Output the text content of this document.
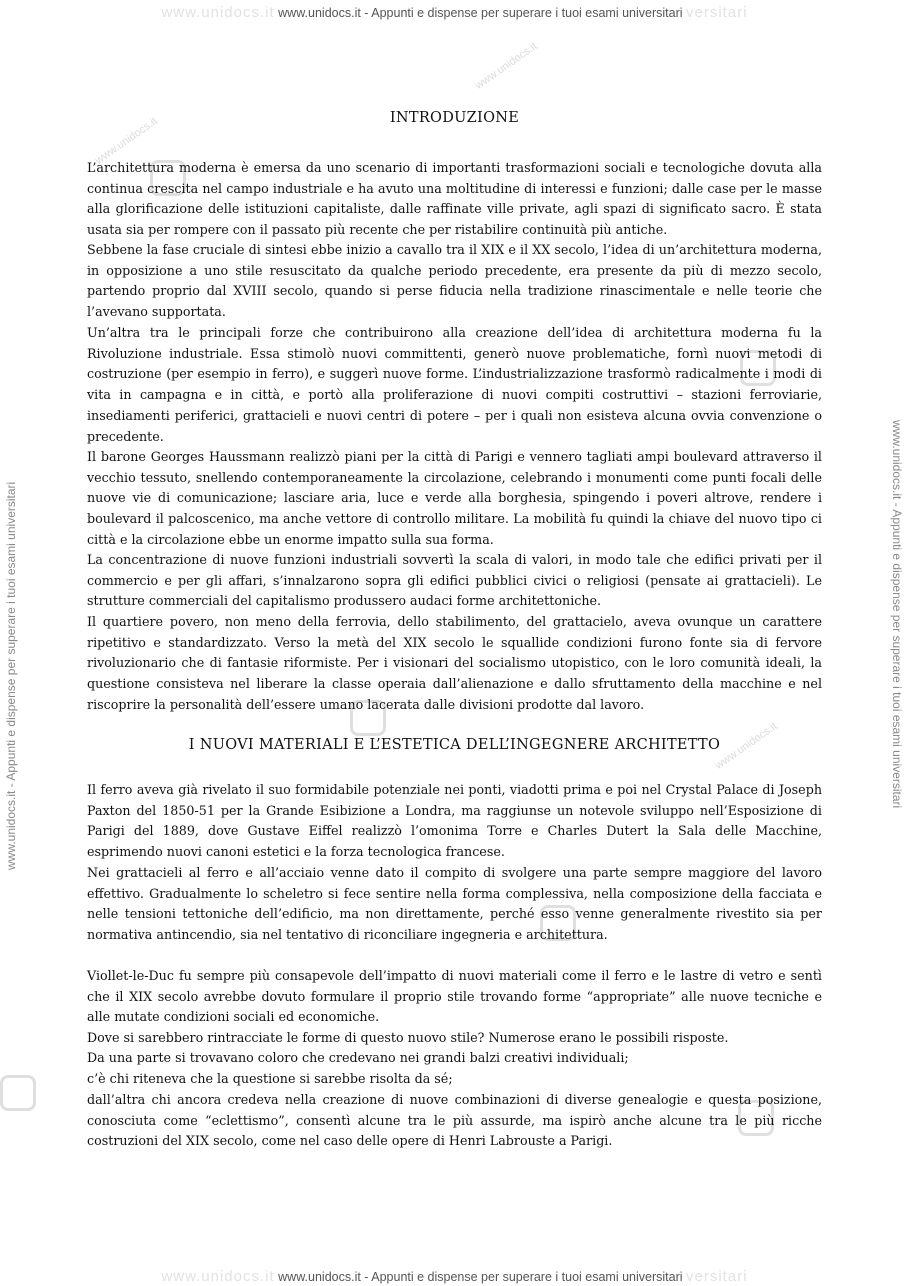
www.unidocs.it
www.unidocs.it
www.unidocs.it
www.unidocs.it www.unidocs.it - Appunti e dispense per superare i tuoi esami universitari versitari
www.unidocs.it - Appunti e dispense per superare i tuoi esami universitari	www.unidocs.it - Appunti e dispense per superare i tuoi esami universitari
INTRODUZIONE

L’architettura moderna è emersa da uno scenario di importanti trasformazioni sociali e tecnologiche dovuta alla continua crescita nel campo industriale e ha avuto una moltitudine di interessi e funzioni; dalle case per le masse alla glorificazione delle istituzioni capitaliste, dalle raffinate ville private, agli spazi di significato sacro. È stata usata sia per rompere con il passato più recente che per ristabilire continuità più antiche.

Sebbene la fase cruciale di sintesi ebbe inizio a cavallo tra il XIX e il XX secolo, l’idea di un’architettura moderna, in opposizione a uno stile resuscitato da qualche periodo precedente, era presente da più di mezzo secolo, partendo proprio dal XVIII secolo, quando si perse fiducia nella tradizione rinascimentale e nelle teorie che l’avevano supportata.

Un’altra tra le principali forze che contribuirono alla creazione dell’idea di architettura moderna fu la Rivoluzione industriale. Essa stimolò nuovi committenti, generò nuove problematiche, fornì nuovi metodi di costruzione (per esempio in ferro), e suggerì nuove forme. L’industrializzazione trasformò radicalmente i modi di vita in campagna e in città, e portò alla proliferazione di nuovi compiti costruttivi – stazioni ferroviarie, insediamenti periferici, grattacieli e nuovi centri di potere – per i quali non esisteva alcuna ovvia convenzione o precedente.

Il barone Georges Haussmann realizzò piani per la città di Parigi e vennero tagliati ampi boulevard attraverso il vecchio tessuto, snellendo contemporaneamente la circolazione, celebrando i monumenti come punti focali delle nuove vie di comunicazione; lasciare aria, luce e verde alla borghesia, spingendo i poveri altrove, rendere i boulevard il palcoscenico, ma anche vettore di controllo militare. La mobilità fu quindi la chiave del nuovo tipo ci città e la circolazione ebbe un enorme impatto sulla sua forma.

La concentrazione di nuove funzioni industriali sovvertì la scala di valori, in modo tale che edifici privati per il commercio e per gli affari, s’innalzarono sopra gli edifici pubblici civici o religiosi (pensate ai grattacieli). Le strutture commerciali del capitalismo produssero audaci forme architettoniche.

Il quartiere povero, non meno della ferrovia, dello stabilimento, del grattacielo, aveva ovunque un carattere ripetitivo e standardizzato. Verso la metà del XIX secolo le squallide condizioni furono fonte sia di fervore rivoluzionario che di fantasie riformiste. Per i visionari del socialismo utopistico, con le loro comunità ideali, la questione consisteva nel liberare la classe operaia dall’alienazione e dallo sfruttamento della macchine e nel riscoprire la personalità dell’essere umano lacerata dalle divisioni prodotte dal lavoro.

I NUOVI MATERIALI E L’ESTETICA DELL’INGEGNERE ARCHITETTO

Il ferro aveva già rivelato il suo formidabile potenziale nei ponti, viadotti prima e poi nel Crystal Palace di Joseph Paxton del 1850-51 per la Grande Esibizione a Londra, ma raggiunse un notevole sviluppo nell’Esposizione di Parigi del 1889, dove Gustave Eiffel realizzò l’omonima Torre e Charles Dutert la Sala delle Macchine, esprimendo nuovi canoni estetici e la forza tecnologica francese.

Nei grattacieli al ferro e all’acciaio venne dato il compito di svolgere una parte sempre maggiore del lavoro effettivo. Gradualmente lo scheletro si fece sentire nella forma complessiva, nella composizione della facciata e nelle tensioni tettoniche dell’edificio, ma non direttamente, perché esso venne generalmente rivestito sia per normativa antincendio, sia nel tentativo di riconciliare ingegneria e architettura.

Viollet-le-Duc fu sempre più consapevole dell’impatto di nuovi materiali come il ferro e le lastre di vetro e sentì che il XIX secolo avrebbe dovuto formulare il proprio stile trovando forme “appropriate” alle nuove tecniche e alle mutate condizioni sociali ed economiche.

Dove si sarebbero rintracciate le forme di questo nuovo stile? Numerose erano le possibili risposte.

Da una parte si trovavano coloro che credevano nei grandi balzi creativi individuali;

c’è chi riteneva che la questione si sarebbe risolta da sé;

dall’altra chi ancora credeva nella creazione di nuove combinazioni di diverse genealogie e questa posizione, conosciuta come “eclettismo”, consentì alcune tra le più assurde, ma ispirò anche alcune tra le più ricche costruzioni del XIX secolo, come nel caso delle opere di Henri Labrouste a Parigi.

www.unidocs.it www.unidocs.it - Appunti e dispense per superare i tuoi esami universitari versitari
